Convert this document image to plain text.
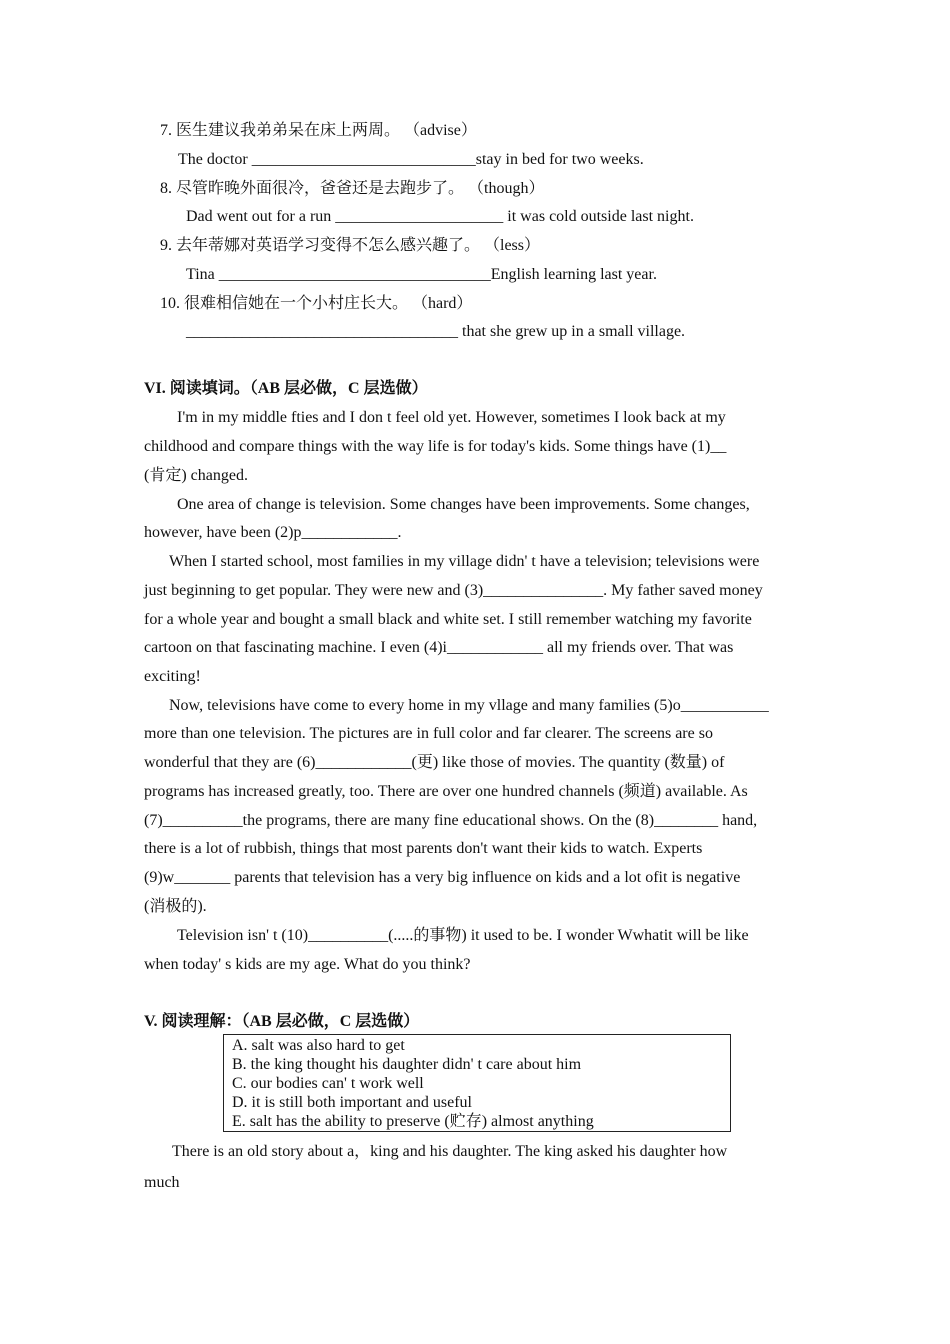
7. 医生建议我弟弟呆在床上两周。 （advise）
The doctor ____________________________stay in bed for two weeks.
8. 尽管昨晚外面很冷，爸爸还是去跑步了。 （though）
Dad went out for a run _____________________ it was cold outside last night.
9. 去年蒂娜对英语学习变得不怎么感兴趣了。 （less）
Tina __________________________________English learning last year.
10. 很难相信她在一个小村庄长大。 （hard）
__________________________________ that she grew up in a small village.
VI. 阅读填词。（AB 层必做，C 层选做）
I'm in my middle fties and I don t feel old yet. However, sometimes I look back at my
childhood and compare things with the way life is for today's kids. Some things have (1)__
(肯定) changed.
One area of change is television. Some changes have been improvements. Some changes,
however, have been (2)p____________.
When I started school, most families in my village didn' t have a television; televisions were
just beginning to get popular. They were new and (3)_______________. My father saved money
for a whole year and bought a small black and white set. I still remember watching my favorite
cartoon on that fascinating machine. I even (4)i____________ all my friends over. That was
exciting!
Now, televisions have come to every home in my vllage and many families (5)o___________
more than one television. The pictures are in full color and far clearer. The screens are so
wonderful that they are (6)____________(更) like those of movies. The quantity (数量) of
programs has increased greatly, too. There are over one hundred channels (频道) available. As
(7)__________the programs, there are many fine educational shows. On the (8)________ hand,
there is a lot of rubbish, things that most parents don't want their kids to watch. Experts
(9)w_______ parents that television has a very big influence on kids and a lot ofit is negative
(消极的).
Television isn' t (10)__________(.....的事物) it used to be. I wonder Wwhatit will be like
when today' s kids are my age. What do you think?
V. 阅读理解：（AB 层必做，C 层选做）
A. salt was also hard to get
B. the king thought his daughter didn' t care about him
C. our bodies can' t work well
D. it is still both important and useful
E. salt has the ability to preserve (贮存) almost anything
There is an old story about a，king and his daughter. The king asked his daughter how
much
